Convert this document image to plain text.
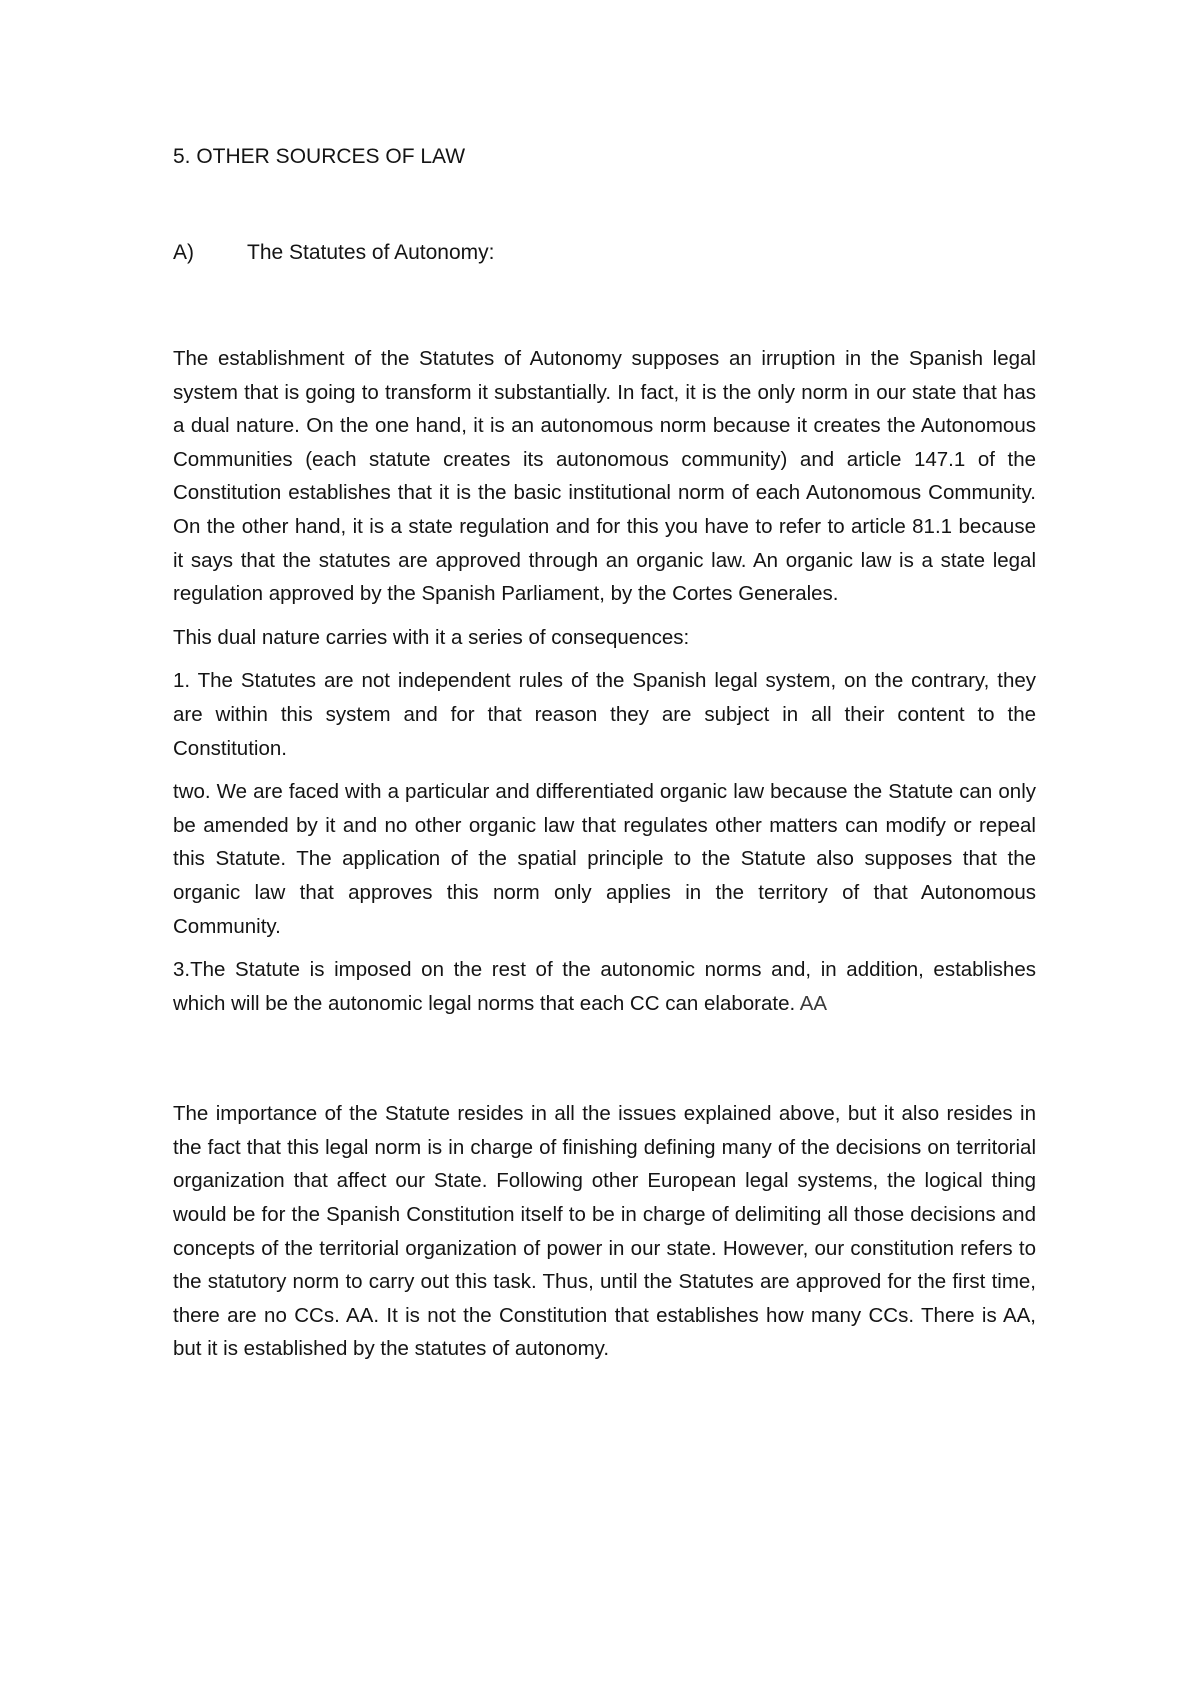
5. OTHER SOURCES OF LAW
A)	The Statutes of Autonomy:

The establishment of the Statutes of Autonomy supposes an irruption in the Spanish legal system that is going to transform it substantially. In fact, it is the only norm in our state that has a dual nature. On the one hand, it is an autonomous norm because it creates the Autonomous Communities (each statute creates its autonomous community) and article 147.1 of the Constitution establishes that it is the basic institutional norm of each Autonomous Community. On the other hand, it is a state regulation and for this you have to refer to article 81.1 because it says that the statutes are approved through an organic law. An organic law is a state legal regulation approved by the Spanish Parliament, by the Cortes Generales.

This dual nature carries with it a series of consequences:

1. The Statutes are not independent rules of the Spanish legal system, on the contrary, they are within this system and for that reason they are subject in all their content to the Constitution.

two. We are faced with a particular and differentiated organic law because the Statute can only be amended by it and no other organic law that regulates other matters can modify or repeal this Statute. The application of the spatial principle to the Statute also supposes that the organic law that approves this norm only applies in the territory of that Autonomous Community.

3.The Statute is imposed on the rest of the autonomic norms and, in addition, establishes which will be the autonomic legal norms that each CC can elaborate. AA

The importance of the Statute resides in all the issues explained above, but it also resides in the fact that this legal norm is in charge of finishing defining many of the decisions on territorial organization that affect our State. Following other European legal systems, the logical thing would be for the Spanish Constitution itself to be in charge of delimiting all those decisions and concepts of the territorial organization of power in our state. However, our constitution refers to the statutory norm to carry out this task. Thus, until the Statutes are approved for the first time, there are no CCs. AA. It is not the Constitution that establishes how many CCs. There is AA, but it is established by the statutes of autonomy.
